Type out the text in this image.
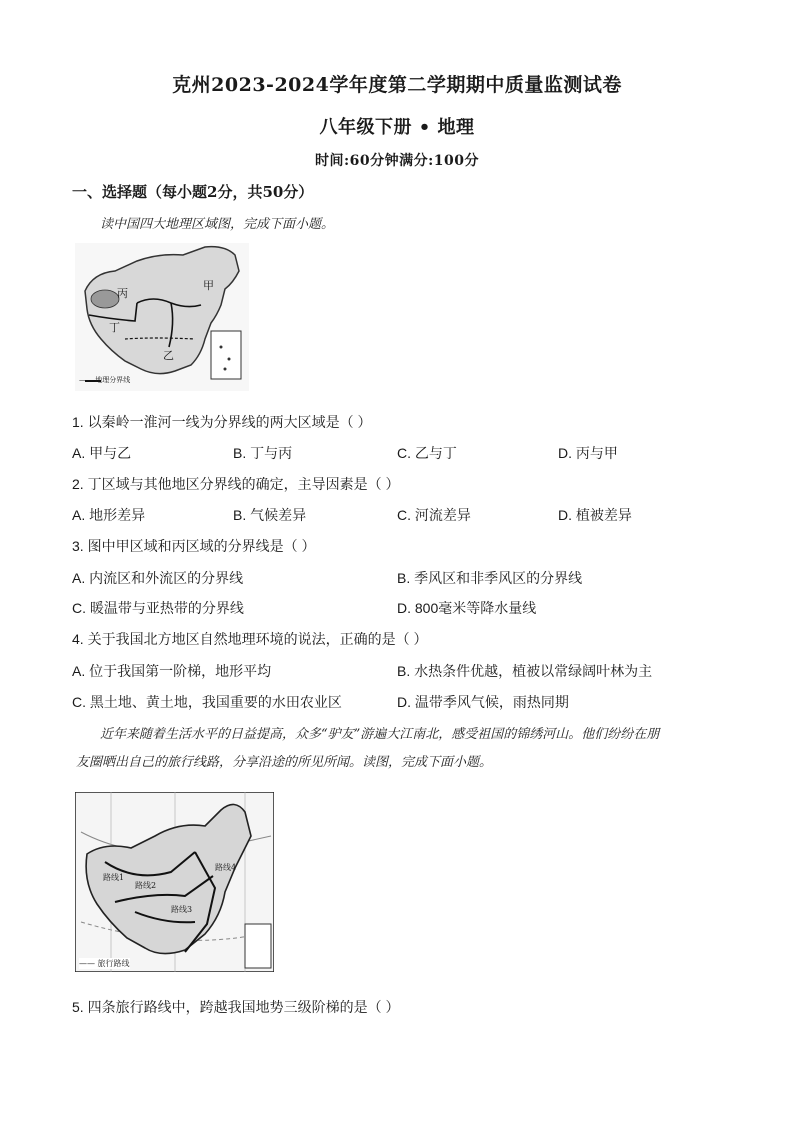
克州2023-2024学年度第二学期期中质量监测试卷
八年级下册 • 地理
时间:60分钟满分:100分
一、选择题（每小题2分，共50分）
读中国四大地理区域图，完成下面小题。
甲
乙
丙
丁
—— 地理分界线
1. 以秦岭一淮河一线为分界线的两大区域是（ ）
A. 甲与乙	B. 丁与丙	C. 乙与丁	D. 丙与甲
2. 丁区域与其他地区分界线的确定，主导因素是（ ）
A. 地形差异	B. 气候差异	C. 河流差异	D. 植被差异
3. 图中甲区域和丙区域的分界线是（ ）
A. 内流区和外流区的分界线	B. 季风区和非季风区的分界线
C. 暖温带与亚热带的分界线	D. 800毫米等降水量线
4. 关于我国北方地区自然地理环境的说法，正确的是（ ）
A. 位于我国第一阶梯，地形平均	B. 水热条件优越，植被以常绿阔叶林为主
C. 黑土地、黄土地，我国重要的水田农业区	D. 温带季风气候，雨热同期
近年来随着生活水平的日益提高，众多“驴友”游遍大江南北，感受祖国的锦绣河山。他们纷纷在朋
友圈晒出自己的旅行线路，分享沿途的所见所闻。读图，完成下面小题。
路线1
路线2
路线3
路线4
—— 旅行路线
5. 四条旅行路线中，跨越我国地势三级阶梯的是（ ）
